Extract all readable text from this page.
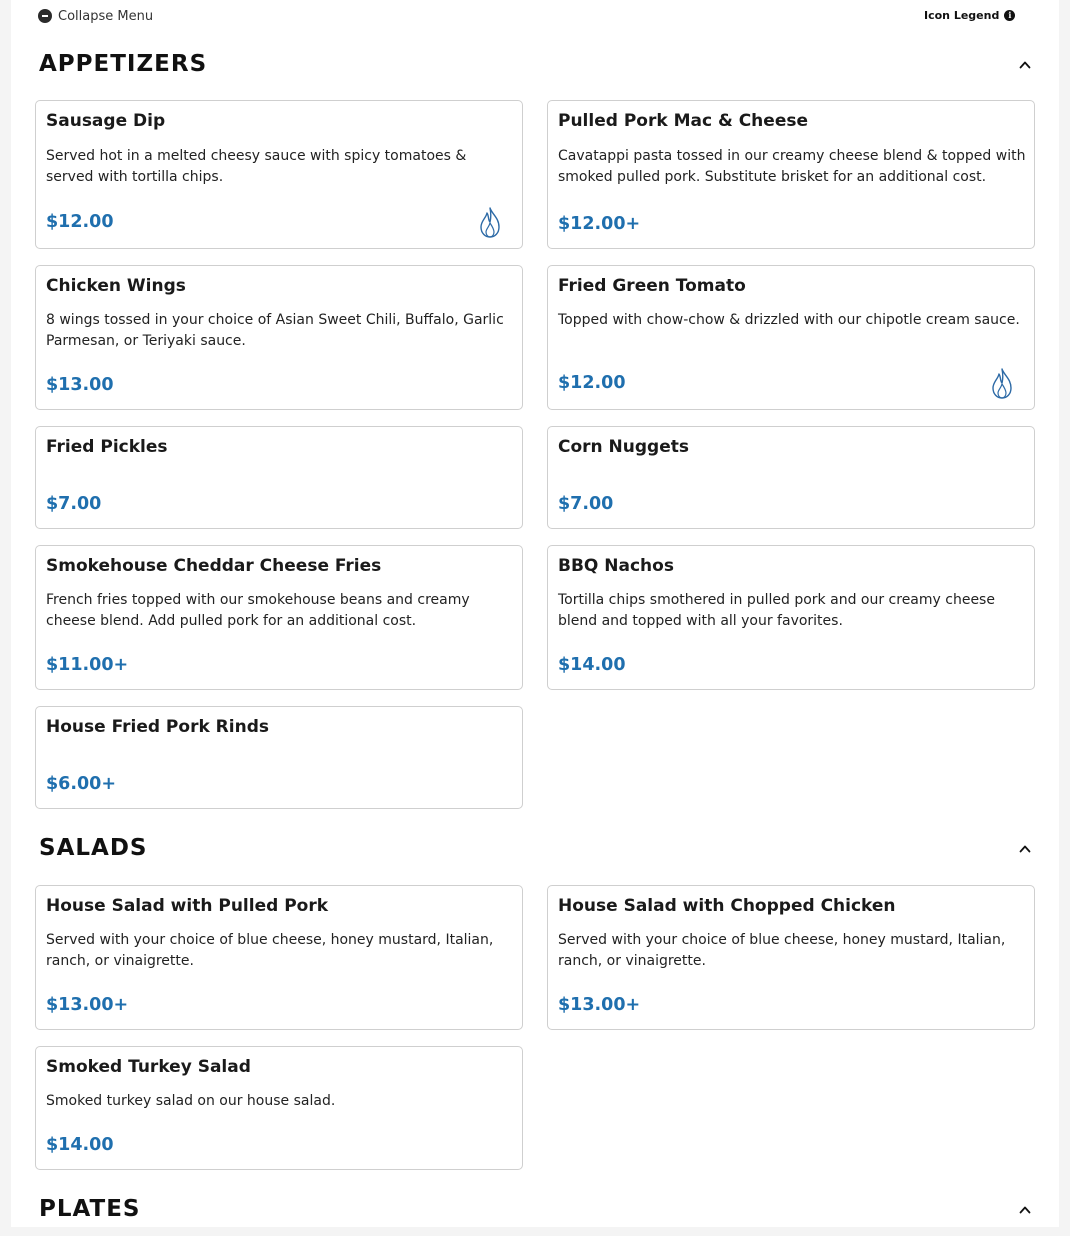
Collapse Menu	Icon Legend	i
APPETIZERS
Sausage Dip
Served hot in a melted cheesy sauce with spicy tomatoes & served with tortilla chips.
$12.00
Pulled Pork Mac & Cheese
Cavatappi pasta tossed in our creamy cheese blend & topped with smoked pulled pork. Substitute brisket for an additional cost.
$12.00+
Chicken Wings
8 wings tossed in your choice of Asian Sweet Chili, Buffalo, Garlic Parmesan, or Teriyaki sauce.
$13.00
Fried Green Tomato
Topped with chow-chow & drizzled with our chipotle cream sauce.
$12.00
Fried Pickles
$7.00
Corn Nuggets
$7.00
Smokehouse Cheddar Cheese Fries
French fries topped with our smokehouse beans and creamy cheese blend. Add pulled pork for an additional cost.
$11.00+
BBQ Nachos
Tortilla chips smothered in pulled pork and our creamy cheese blend and topped with all your favorites.
$14.00
House Fried Pork Rinds
$6.00+
SALADS
House Salad with Pulled Pork
Served with your choice of blue cheese, honey mustard, Italian, ranch, or vinaigrette.
$13.00+
House Salad with Chopped Chicken
Served with your choice of blue cheese, honey mustard, Italian, ranch, or vinaigrette.
$13.00+
Smoked Turkey Salad
Smoked turkey salad on our house salad.
$14.00
PLATES
